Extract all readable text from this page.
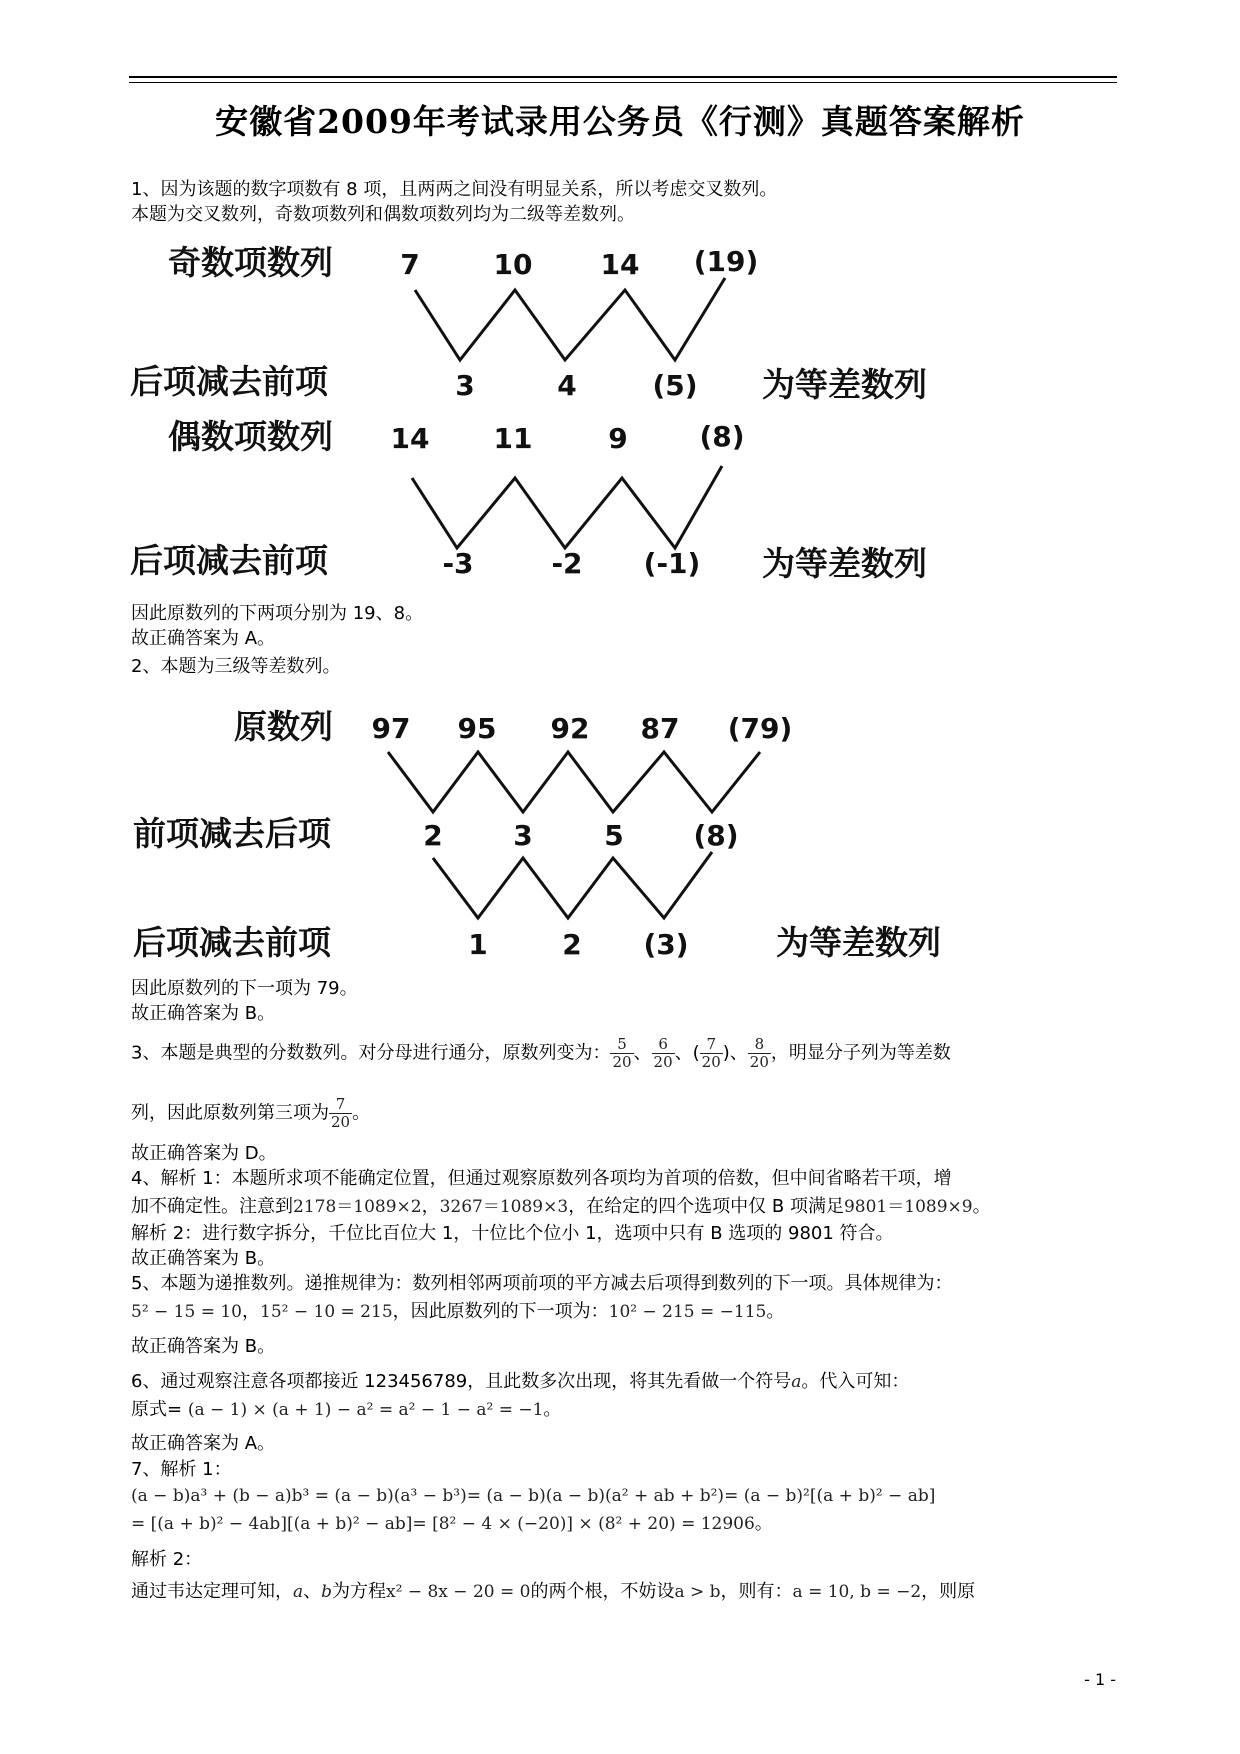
安徽省2009年考试录用公务员《行测》真题答案解析
1、因为该题的数字项数有 8 项，且两两之间没有明显关系，所以考虑交叉数列。
本题为交叉数列，奇数项数列和偶数项数列均为二级等差数列。
奇数项数列 7	10 14 (19)
后项减去前项	3	4	(5) 为等差数列
偶数项数列 14 11	9	(8)
后项减去前项	-3	-2 (-1) 为等差数列
因此原数列的下两项分别为 19、8。
故正确答案为 A。
2、本题为三级等差数列。
原数列 97 95 92 87 (79)
前项减去后项	2	3	5 (8)
后项减去前项	1	2 (3)	为等差数列
因此原数列的下一项为 79。
故正确答案为 B。
3、本题是典型的分数数列。对分母进行通分，原数列变为： $\frac{5}{20}$ 、 $\frac{6}{20}$ 、( $\frac{7}{20}$ )、 $\frac{8}{20}$ ，明显分子列为等差数
列，因此原数列第三项为 $\frac{7}{20}$ 。
故正确答案为 D。
4、解析 1：本题所求项不能确定位置，但通过观察原数列各项均为首项的倍数，但中间省略若干项，增
加不确定性。注意到2178＝1089×2，3267＝1089×3，在给定的四个选项中仅 B 项满足9801＝1089×9。
解析 2：进行数字拆分，千位比百位大 1，十位比个位小 1，选项中只有 B 选项的 9801 符合。
故正确答案为 B。
5、本题为递推数列。递推规律为：数列相邻两项前项的平方减去后项得到数列的下一项。具体规律为：
5² − 15 = 10，15² − 10 = 215，因此原数列的下一项为：10² − 215 = −115。
故正确答案为 B。
6、通过观察注意各项都接近 123456789，且此数多次出现，将其先看做一个符号a。代入可知：
原式= (a − 1) × (a + 1) − a² = a² − 1 − a² = −1。
故正确答案为 A。
7、解析 1：
(a − b)a³ + (b − a)b³ = (a − b)(a³ − b³)= (a − b)(a − b)(a² + ab + b²)= (a − b)²[(a + b)² − ab]
= [(a + b)² − 4ab][(a + b)² − ab]= [8² − 4 × (−20)] × (8² + 20) = 12906。
解析 2：
通过韦达定理可知，a、b为方程x² − 8x − 20 = 0的两个根，不妨设a > b，则有：a = 10, b = −2，则原
- 1 -
